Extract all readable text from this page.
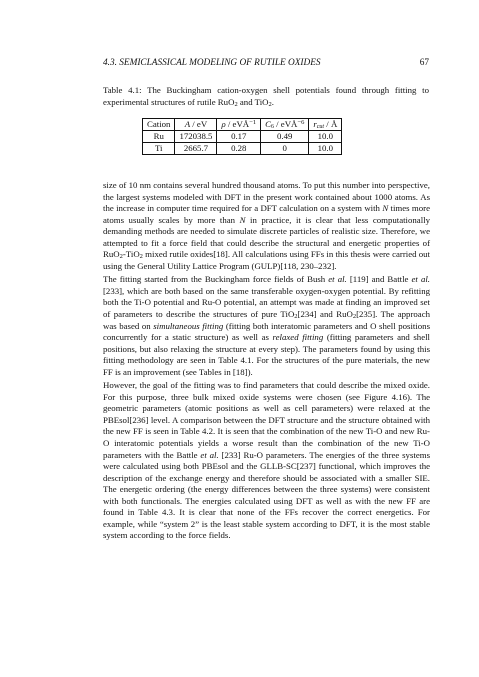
4.3. SEMICLASSICAL MODELING OF RUTILE OXIDES	67
Table 4.1: The Buckingham cation-oxygen shell potentials found through fitting to experimental structures of rutile RuO$_2$ and TiO$_2$.
Cation	A / eV	ρ / eVÅ$^{-1}$	$C_6$ / eVÅ$^{-6}$	$r_{cut}$ / Å
Ru	172038.5	0.17	0.49	10.0
Ti	2665.7	0.28	0	10.0

size of 10 nm contains several hundred thousand atoms. To put this number into perspective, the largest systems modeled with DFT in the present work contained about 1000 atoms. As the increase in computer time required for a DFT calculation on a system with N times more atoms usually scales by more than N in practice, it is clear that less computationally demanding methods are needed to simulate discrete particles of realistic size. Therefore, we attempted to fit a force field that could describe the structural and energetic properties of RuO$_2$-TiO$_2$ mixed rutile oxides[18]. All calculations using FFs in this thesis were carried out using the General Utility Lattice Program (GULP)[118, 230–232].

The fitting started from the Buckingham force fields of Bush et al. [119] and Battle et al. [233], which are both based on the same transferable oxygen-oxygen potential. By refitting both the Ti-O potential and Ru-O potential, an attempt was made at finding an improved set of parameters to describe the structures of pure TiO$_2$[234] and RuO$_2$[235]. The approach was based on simultaneous fitting (fitting both interatomic parameters and O shell positions concurrently for a static structure) as well as relaxed fitting (fitting parameters and shell positions, but also relaxing the structure at every step). The parameters found by using this fitting methodology are seen in Table 4.1. For the structures of the pure materials, the new FF is an improvement (see Tables in [18]).

However, the goal of the fitting was to find parameters that could describe the mixed oxide. For this purpose, three bulk mixed oxide systems were chosen (see Figure 4.16). The geometric parameters (atomic positions as well as cell parameters) were relaxed at the PBEsol[236] level. A comparison between the DFT structure and the structure obtained with the new FF is seen in Table 4.2. It is seen that the combination of the new Ti-O and new Ru-O interatomic potentials yields a worse result than the combination of the new Ti-O parameters with the Battle et al. [233] Ru-O parameters. The energies of the three systems were calculated using both PBEsol and the GLLB-SC[237] functional, which improves the description of the exchange energy and therefore should be associated with a smaller SIE. The energetic ordering (the energy differences between the three systems) were consistent with both functionals. The energies calculated using DFT as well as with the new FF are found in Table 4.3. It is clear that none of the FFs recover the correct energetics. For example, while “system 2” is the least stable system according to DFT, it is the most stable system according to the force fields.
